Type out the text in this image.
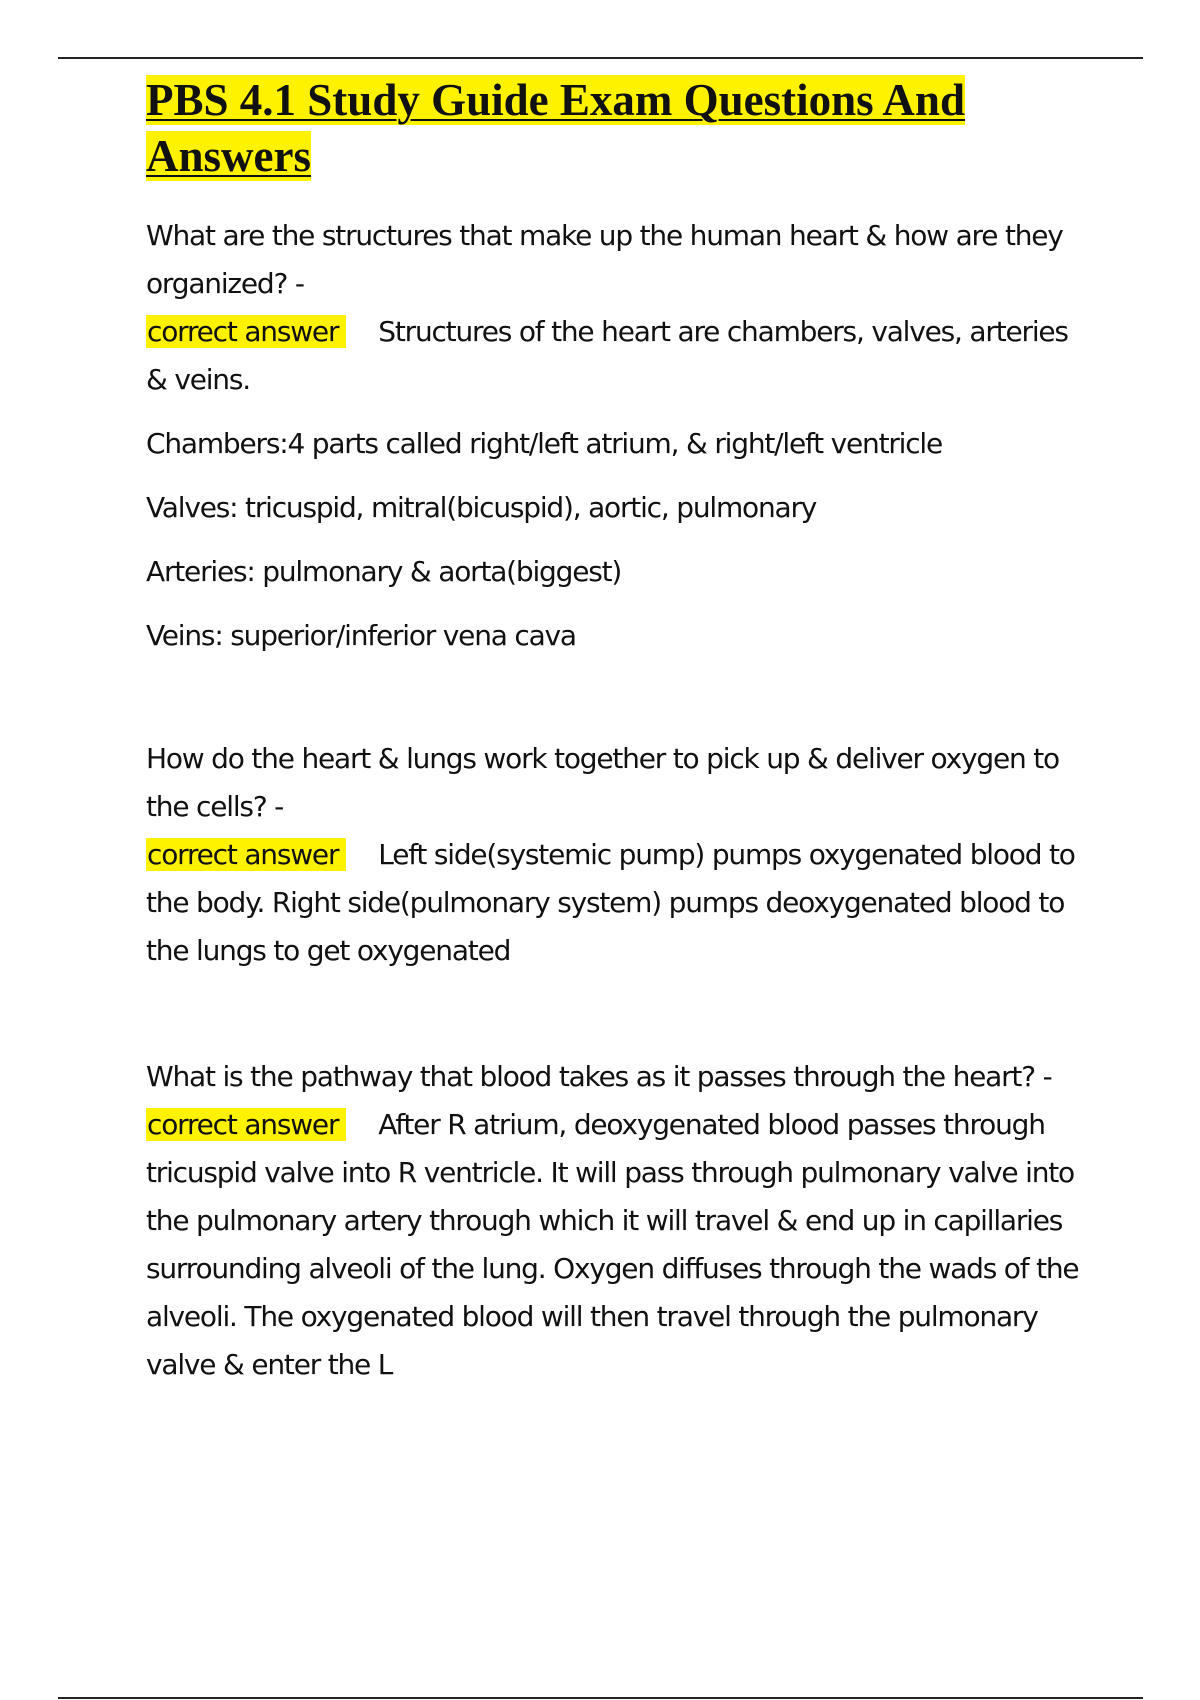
PBS 4.1 Study Guide Exam Questions And Answers

What are the structures that make up the human heart & how are they organized? -

correct answer Structures of the heart are chambers, valves, arteries & veins.

Chambers:4 parts called right/left atrium, & right/left ventricle

Valves: tricuspid, mitral(bicuspid), aortic, pulmonary

Arteries: pulmonary & aorta(biggest)

Veins: superior/inferior vena cava

How do the heart & lungs work together to pick up & deliver oxygen to the cells? -

correct answer Left side(systemic pump) pumps oxygenated blood to the body. Right side(pulmonary system) pumps deoxygenated blood to the lungs to get oxygenated

What is the pathway that blood takes as it passes through the heart? -

correct answer After R atrium, deoxygenated blood passes through tricuspid valve into R ventricle. It will pass through pulmonary valve into the pulmonary artery through which it will travel & end up in capillaries surrounding alveoli of the lung. Oxygen diffuses through the wads of the alveoli. The oxygenated blood will then travel through the pulmonary valve & enter the L
